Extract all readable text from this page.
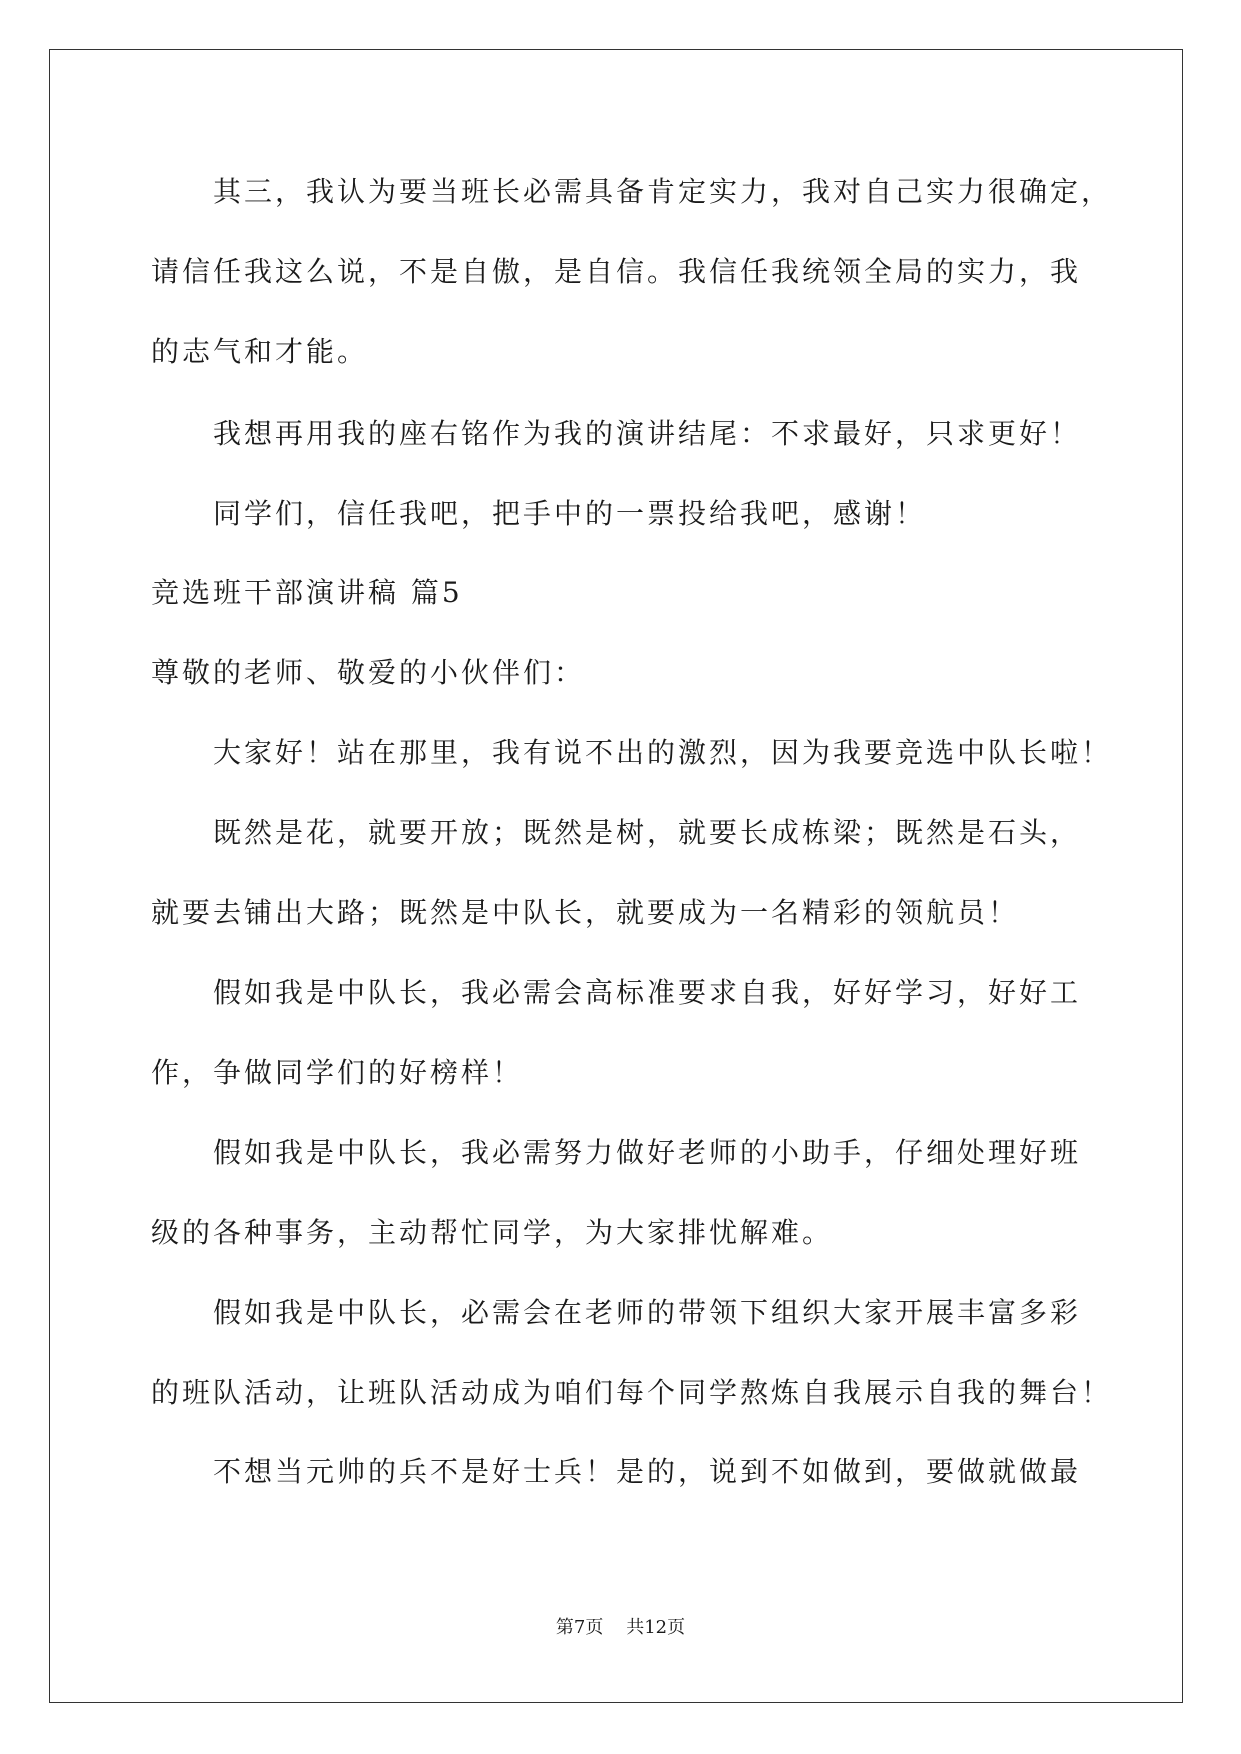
其三，我认为要当班长必需具备肯定实力，我对自己实力很确定，
请信任我这么说，不是自傲，是自信。我信任我统领全局的实力，我
的志气和才能。
我想再用我的座右铭作为我的演讲结尾：不求最好，只求更好！
同学们，信任我吧，把手中的一票投给我吧，感谢！
竞选班干部演讲稿 篇5
尊敬的老师、敬爱的小伙伴们：
大家好！站在那里，我有说不出的激烈，因为我要竞选中队长啦！
既然是花，就要开放；既然是树，就要长成栋梁；既然是石头，
就要去铺出大路；既然是中队长，就要成为一名精彩的领航员！
假如我是中队长，我必需会高标准要求自我，好好学习，好好工
作，争做同学们的好榜样！
假如我是中队长，我必需努力做好老师的小助手，仔细处理好班
级的各种事务，主动帮忙同学，为大家排忧解难。
假如我是中队长，必需会在老师的带领下组织大家开展丰富多彩
的班队活动，让班队活动成为咱们每个同学熬炼自我展示自我的舞台！
不想当元帅的兵不是好士兵！是的，说到不如做到，要做就做最
第7页 共12页
